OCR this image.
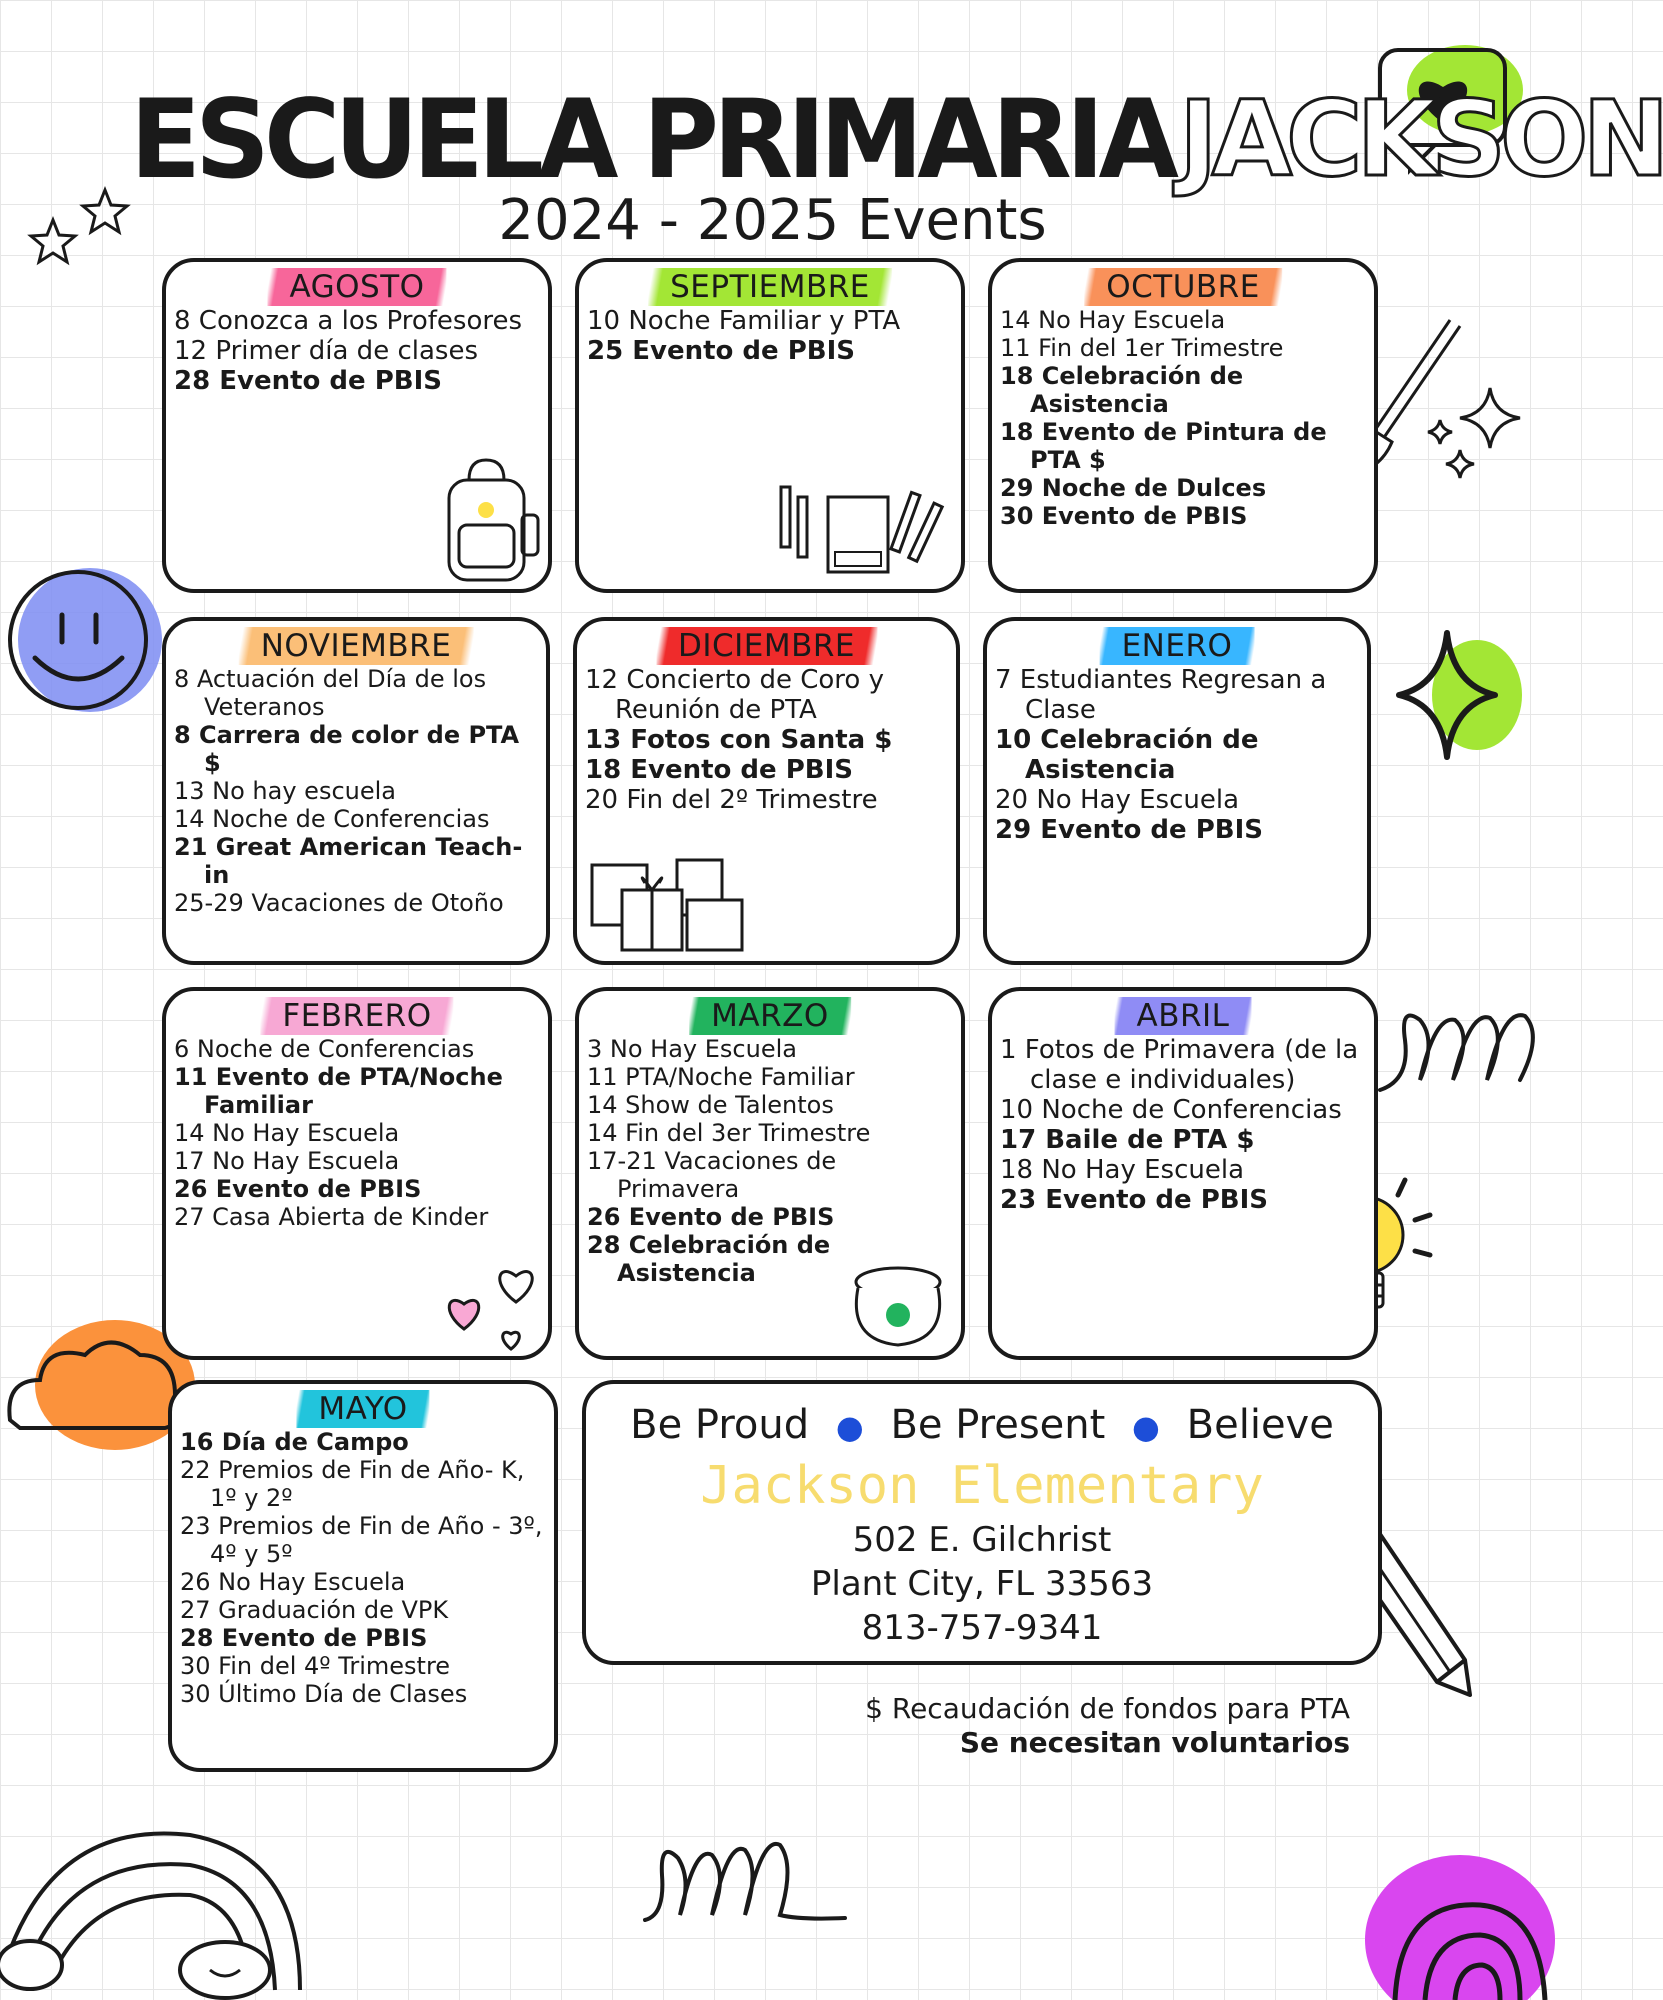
ESCUELA PRIMARIA JACKSON
2024 - 2025 Events
AGOSTO

8 Conozca a los Profesores

12 Primer día de clases

28 Evento de PBIS

SEPTIEMBRE

10 Noche Familiar y PTA

25 Evento de PBIS

OCTUBRE

14 No Hay Escuela

11 Fin del 1er Trimestre

18 Celebración de Asistencia

18 Evento de Pintura de PTA $

29 Noche de Dulces

30 Evento de PBIS

NOVIEMBRE

8 Actuación del Día de los Veteranos

8 Carrera de color de PTA $

13 No hay escuela

14 Noche de Conferencias

21 Great American Teach-in

25-29 Vacaciones de Otoño

DICIEMBRE

12 Concierto de Coro y Reunión de PTA

13 Fotos con Santa $

18 Evento de PBIS

20 Fin del 2º Trimestre

ENERO

7 Estudiantes Regresan a Clase

10 Celebración de Asistencia

20 No Hay Escuela

29 Evento de PBIS

FEBRERO

6 Noche de Conferencias

11 Evento de PTA/Noche Familiar

14 No Hay Escuela

17 No Hay Escuela

26 Evento de PBIS

27 Casa Abierta de Kinder

MARZO

3 No Hay Escuela

11 PTA/Noche Familiar

14 Show de Talentos

14 Fin del 3er Trimestre

17-21 Vacaciones de Primavera

26 Evento de PBIS

28 Celebración de Asistencia

ABRIL

1 Fotos de Primavera (de la clase e individuales)

10 Noche de Conferencias

17 Baile de PTA $

18 No Hay Escuela

23 Evento de PBIS

MAYO

16 Día de Campo

22 Premios de Fin de Año- K, 1º y 2º

23 Premios de Fin de Año - 3º, 4º y 5º

26 No Hay Escuela

27 Graduación de VPK

28 Evento de PBIS

30 Fin del 4º Trimestre

30 Último Día de Clases

Be Proud ● Be Present ● Believe
Jackson Elementary
502 E. Gilchrist
Plant City, FL 33563
813-757-9341
$ Recaudación de fondos para PTA
Se necesitan voluntarios
